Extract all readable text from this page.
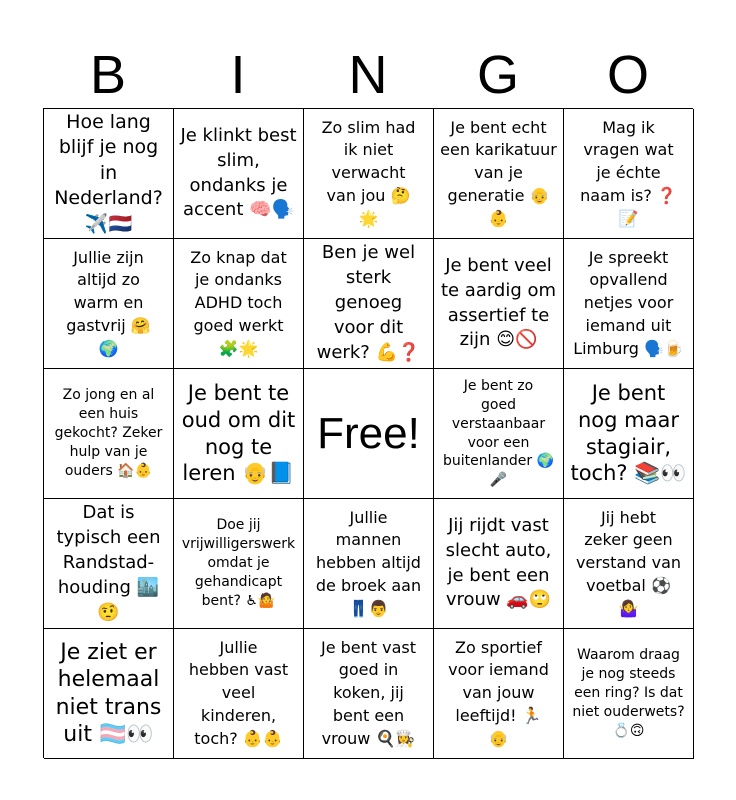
B	I	N	G	O
Hoe lang
blijf je nog in
Nederland?
✈️🇳🇱
Je klinkt best
slim,
ondanks je
accent 🧠🗣️
Zo slim had
ik niet
verwacht
van jou 🤔
🌟
Je bent echt
een karikatuur
van je
generatie 👴
👶
Mag ik
vragen wat
je échte
naam is? ❓
📝
Jullie zijn
altijd zo
warm en
gastvrij 🤗
🌍
Zo knap dat
je ondanks
ADHD toch
goed werkt
🧩🌟
Ben je wel
sterk genoeg
voor dit
werk? 💪❓
Je bent veel
te aardig om
assertief te
zijn 😊🚫
Je spreekt
opvallend
netjes voor
iemand uit
Limburg 🗣️🍺
Zo jong en al
een huis
gekocht? Zeker
hulp van je
ouders 🏠👶
Je bent te
oud om dit
nog te
leren 👴📘
Free!
Je bent zo
goed
verstaanbaar
voor een
buitenlander 🌍
🎤
Je bent
nog maar
stagiair,
toch? 📚👀
Dat is
typisch een
Randstad-
houding 🏙️
🤨
Doe jij
vrijwilligerswerk
omdat je
gehandicapt
bent? ♿🤷
Jullie
mannen
hebben altijd
de broek aan
👖👨
Jij rijdt vast
slecht auto,
je bent een
vrouw 🚗🙄
Jij hebt
zeker geen
verstand van
voetbal ⚽
🤷‍♀️
Je ziet er
helemaal
niet trans
uit 🏳️‍⚧️👀
Jullie
hebben vast
veel
kinderen,
toch? 👶👶
Je bent vast
goed in
koken, jij
bent een
vrouw 🍳👩‍🍳
Zo sportief
voor iemand
van jouw
leeftijd! 🏃
👴
Waarom draag
je nog steeds
een ring? Is dat
niet ouderwets?
💍🙃
